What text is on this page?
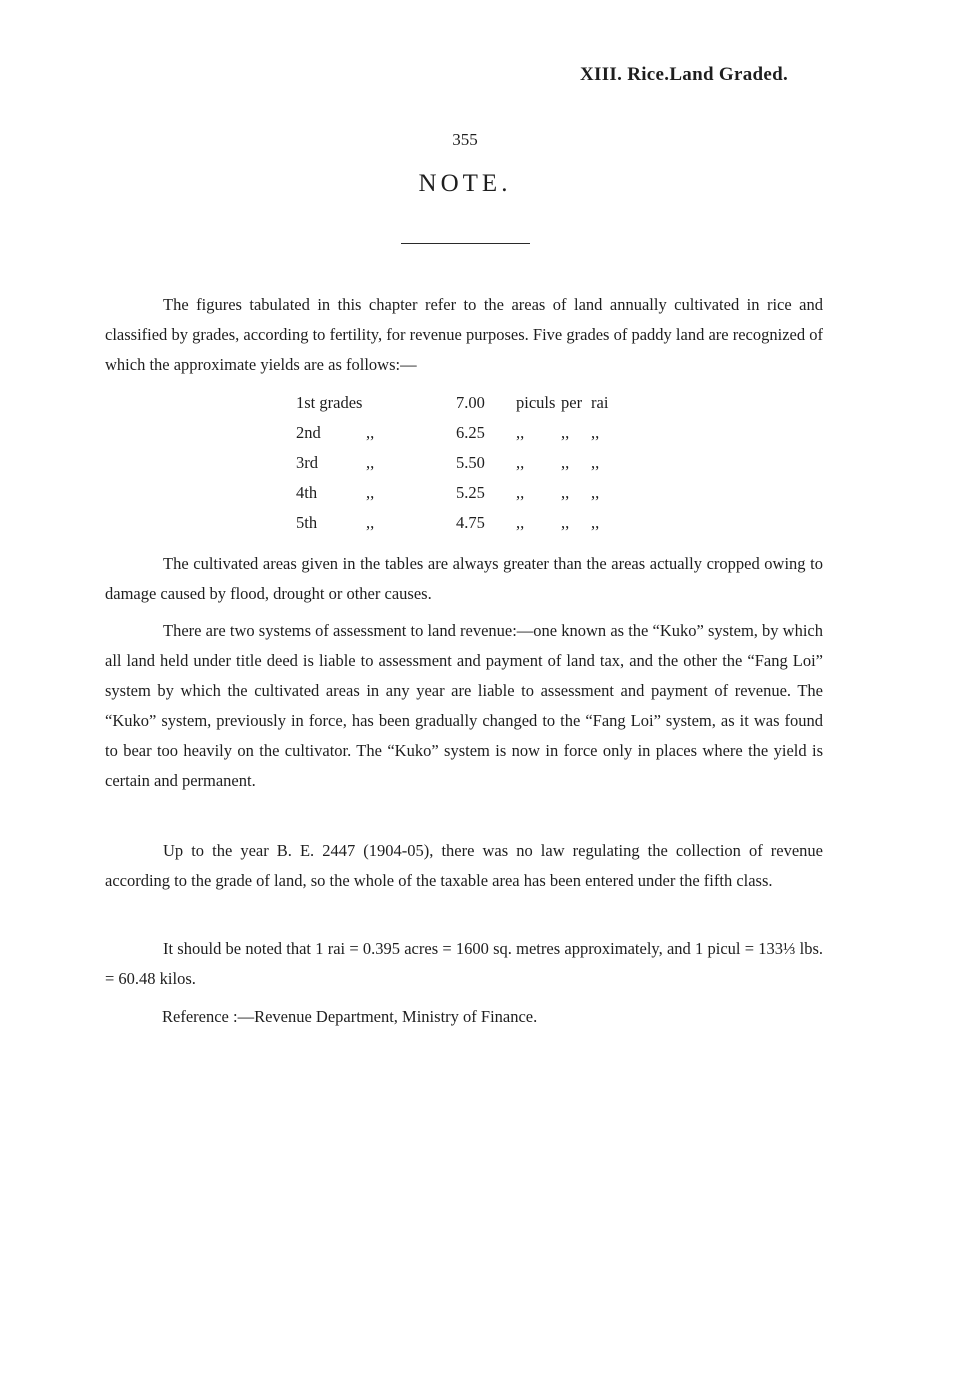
XIII. Rice.Land Graded.
355
NOTE.

The figures tabulated in this chapter refer to the areas of land annually cultivated in rice and classified by grades, according to fertility, for revenue purposes. Five grades of paddy land are recognized of which the approximate yields are as follows:—

1st grades		7.00	piculs	per	rai
2nd	,,	6.25	,,	,,	,,
3rd	,,	5.50	,,	,,	,,
4th	,,	5.25	,,	,,	,,
5th	,,	4.75	,,	,,	,,

The cultivated areas given in the tables are always greater than the areas actually cropped owing to damage caused by flood, drought or other causes.

There are two systems of assessment to land revenue:—one known as the “Kuko” system, by which all land held under title deed is liable to assessment and payment of land tax, and the other the “Fang Loi” system by which the cultivated areas in any year are liable to assessment and payment of revenue. The “Kuko” system, previously in force, has been gradually changed to the “Fang Loi” system, as it was found to bear too heavily on the cultivator. The “Kuko” system is now in force only in places where the yield is certain and permanent.

Up to the year B. E. 2447 (1904-05), there was no law regulating the collection of revenue according to the grade of land, so the whole of the taxable area has been entered under the fifth class.

It should be noted that 1 rai = 0.395 acres = 1600 sq. metres approximately, and 1 picul = 133⅓ lbs. = 60.48 kilos.

Reference :—Revenue Department, Ministry of Finance.
